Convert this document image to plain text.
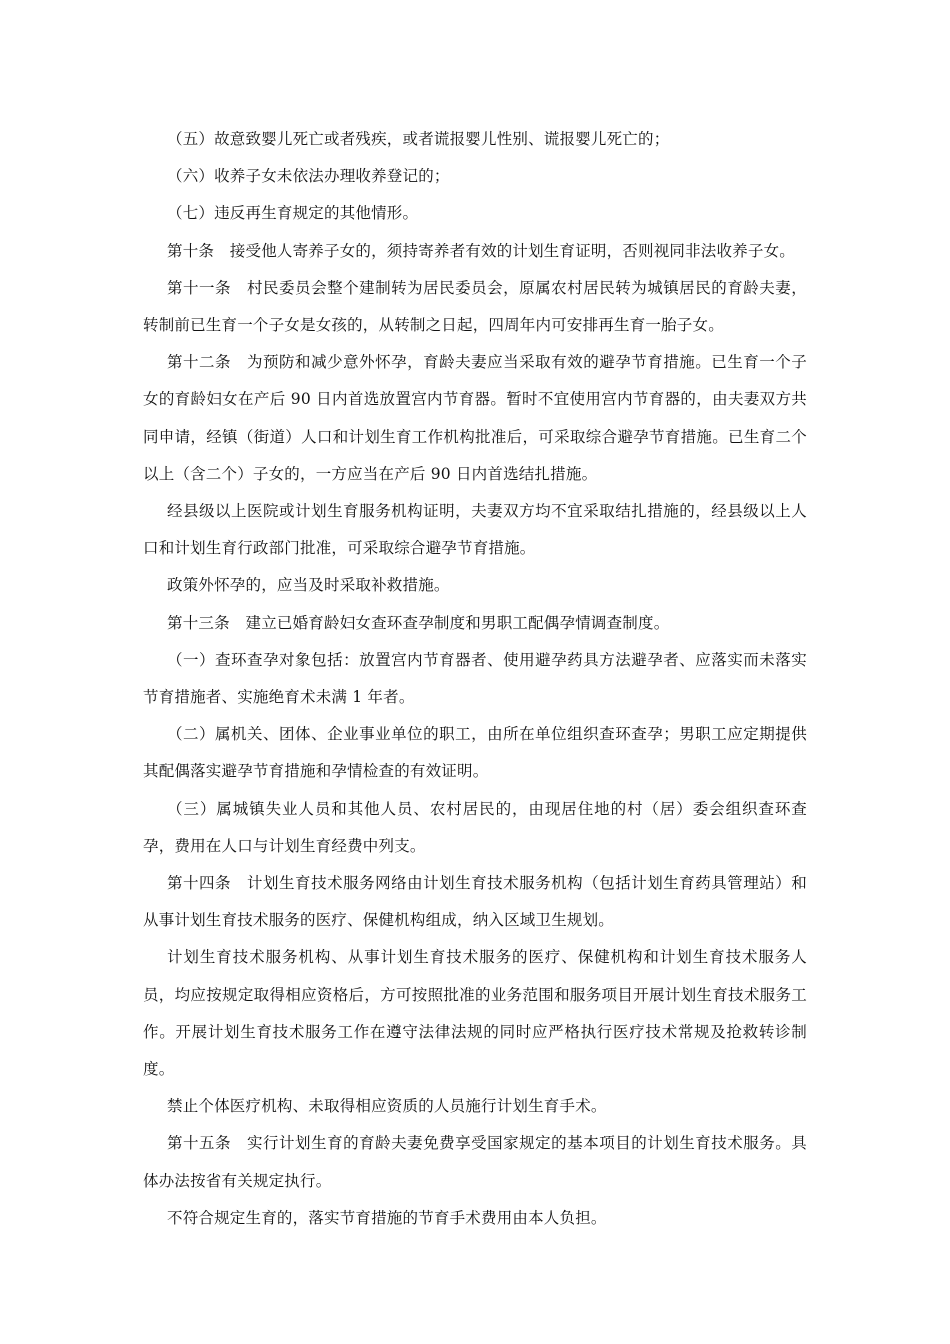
（五）故意致婴儿死亡或者残疾，或者谎报婴儿性别、谎报婴儿死亡的；

（六）收养子女未依法办理收养登记的；

（七）违反再生育规定的其他情形。

第十条　接受他人寄养子女的，须持寄养者有效的计划生育证明，否则视同非法收养子女。

第十一条　村民委员会整个建制转为居民委员会，原属农村居民转为城镇居民的育龄夫妻，转制前已生育一个子女是女孩的，从转制之日起，四周年内可安排再生育一胎子女。

第十二条　为预防和减少意外怀孕，育龄夫妻应当采取有效的避孕节育措施。已生育一个子女的育龄妇女在产后 90 日内首选放置宫内节育器。暂时不宜使用宫内节育器的，由夫妻双方共同申请，经镇（街道）人口和计划生育工作机构批准后，可采取综合避孕节育措施。已生育二个以上（含二个）子女的，一方应当在产后 90 日内首选结扎措施。

经县级以上医院或计划生育服务机构证明，夫妻双方均不宜采取结扎措施的，经县级以上人口和计划生育行政部门批准，可采取综合避孕节育措施。

政策外怀孕的，应当及时采取补救措施。

第十三条　建立已婚育龄妇女查环查孕制度和男职工配偶孕情调查制度。

（一）查环查孕对象包括：放置宫内节育器者、使用避孕药具方法避孕者、应落实而未落实节育措施者、实施绝育术未满 1 年者。

（二）属机关、团体、企业事业单位的职工，由所在单位组织查环查孕；男职工应定期提供其配偶落实避孕节育措施和孕情检查的有效证明。

（三）属城镇失业人员和其他人员、农村居民的，由现居住地的村（居）委会组织查环查孕，费用在人口与计划生育经费中列支。

第十四条　计划生育技术服务网络由计划生育技术服务机构（包括计划生育药具管理站）和从事计划生育技术服务的医疗、保健机构组成，纳入区域卫生规划。

计划生育技术服务机构、从事计划生育技术服务的医疗、保健机构和计划生育技术服务人员，均应按规定取得相应资格后，方可按照批准的业务范围和服务项目开展计划生育技术服务工作。开展计划生育技术服务工作在遵守法律法规的同时应严格执行医疗技术常规及抢救转诊制度。

禁止个体医疗机构、未取得相应资质的人员施行计划生育手术。

第十五条　实行计划生育的育龄夫妻免费享受国家规定的基本项目的计划生育技术服务。具体办法按省有关规定执行。

不符合规定生育的，落实节育措施的节育手术费用由本人负担。
